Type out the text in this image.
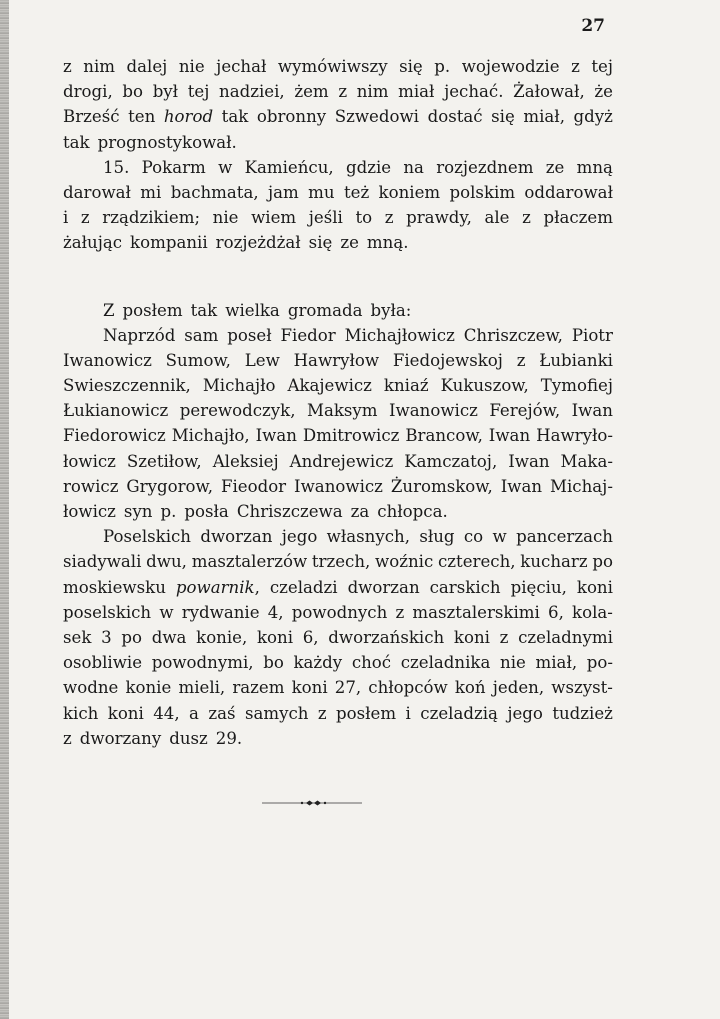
27
z nim dalej nie jechał wymówiwszy się p. wojewodzie z tej
drogi, bo był tej nadziei, żem z nim miał jechać. Żałował, że
Brześć ten horod tak obronny Szwedowi dostać się miał, gdyż
tak prognostykował.
15. Pokarm w Kamieńcu, gdzie na rozjezdnem ze mną
darował mi bachmata, jam mu też koniem polskim oddarował
i z rządzikiem; nie wiem jeśli to z prawdy, ale z płaczem
żałując kompanii rozjeżdżał się ze mną.
Z posłem tak wielka gromada była:
Naprzód sam poseł Fiedor Michajłowicz Chriszczew, Piotr
Iwanowicz Sumow, Lew Hawryłow Fiedojewskoj z Łubianki
Swieszczennik, Michajło Akajewicz kniaź Kukuszow, Tymofiej
Łukianowicz perewodczyk, Maksym Iwanowicz Ferejów, Iwan
Fiedorowicz Michajło, Iwan Dmitrowicz Brancow, Iwan Hawryło-
łowicz Szetiłow, Aleksiej Andrejewicz Kamczatoj, Iwan Maka-
rowicz Grygorow, Fieodor Iwanowicz Żuromskow, Iwan Michaj-
łowicz syn p. posła Chriszczewa za chłopca.
Poselskich dworzan jego własnych, sług co w pancerzach
siadywali dwu, masztalerzów trzech, woźnic czterech, kucharz po
moskiewsku powarnik, czeladzi dworzan carskich pięciu, koni
poselskich w rydwanie 4, powodnych z masztalerskimi 6, kola-
sek 3 po dwa konie, koni 6, dworzańskich koni z czeladnymi
osobliwie powodnymi, bo każdy choć czeladnika nie miał, po-
wodne konie mieli, razem koni 27, chłopców koń jeden, wszyst-
kich koni 44, a zaś samych z posłem i czeladzią jego tudzież
z dworzany dusz 29.
